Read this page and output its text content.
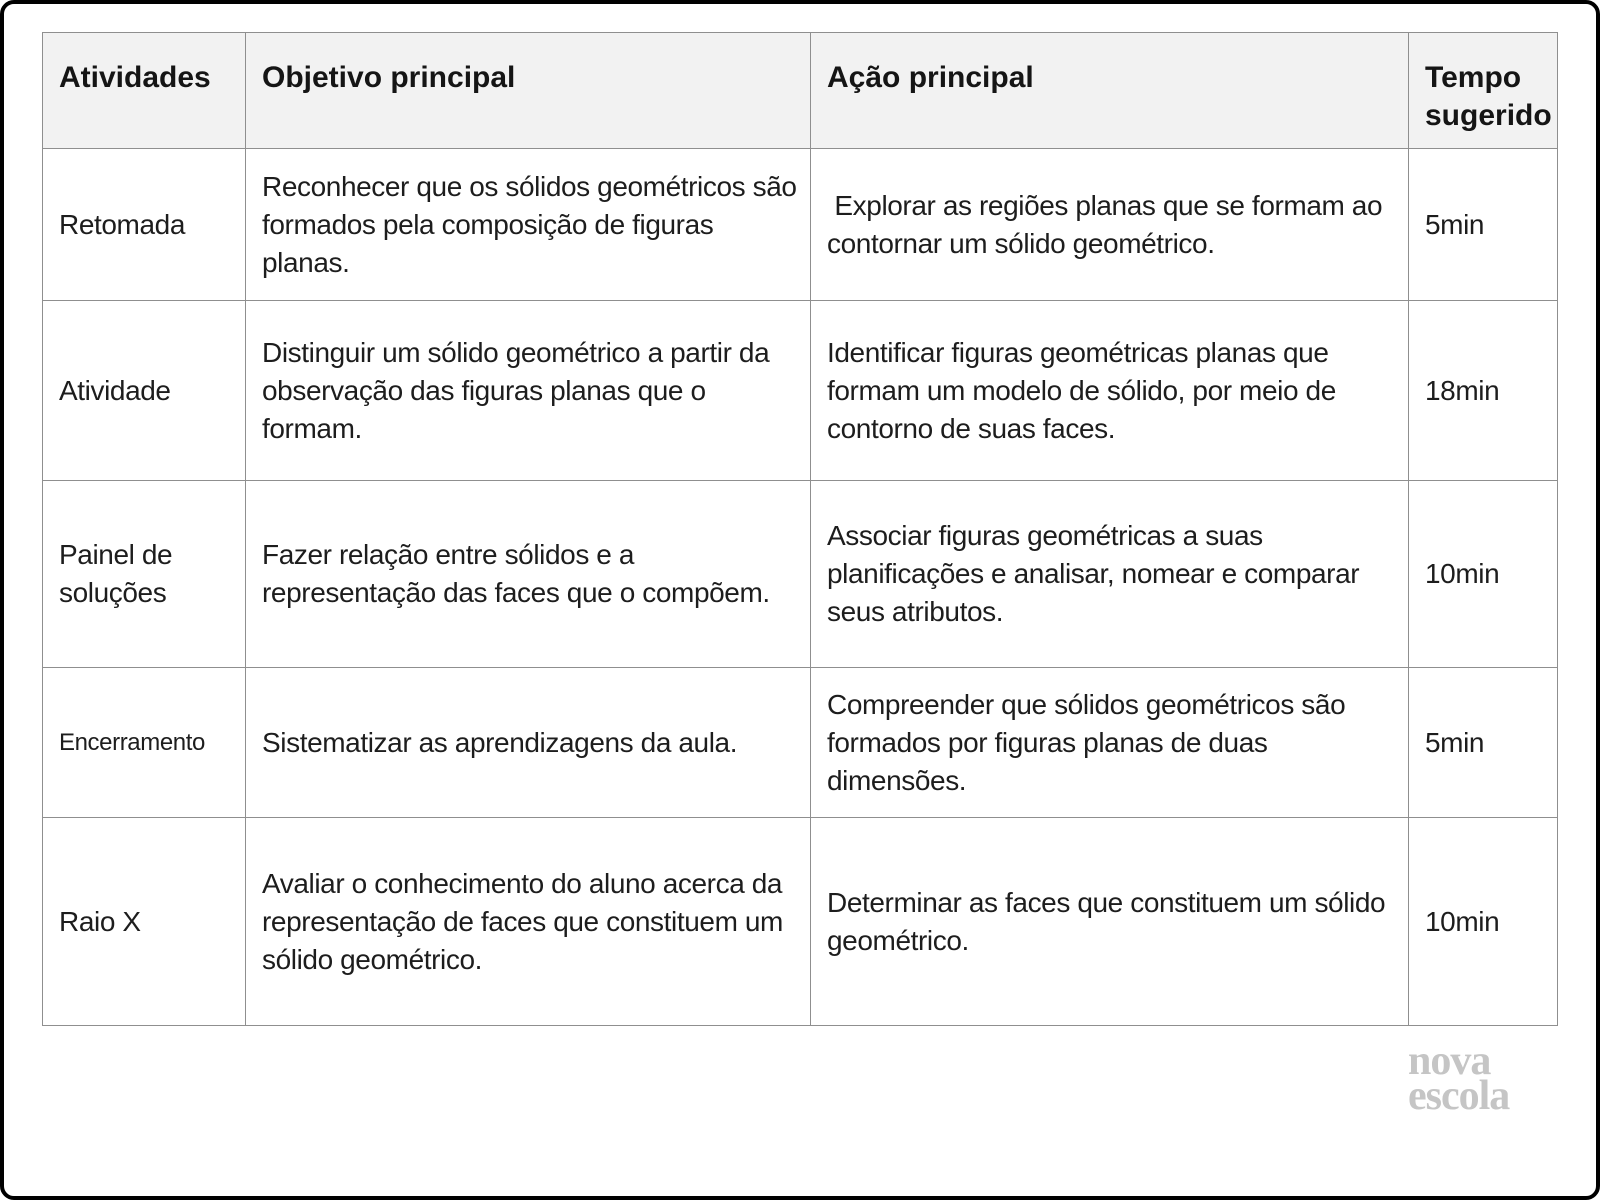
Atividades	Objetivo principal	Ação principal	Tempo sugerido
Retomada	Reconhecer que os sólidos geométricos são formados pela composição de figuras planas.	Explorar as regiões planas que se formam ao contornar um sólido geométrico.	5min
Atividade	Distinguir um sólido geométrico a partir da observação das figuras planas que o formam.	Identificar figuras geométricas planas que formam um modelo de sólido, por meio de contorno de suas faces.	18min
Painel de soluções	Fazer relação entre sólidos e a representação das faces que o compõem.	Associar figuras geométricas a suas planificações e analisar, nomear e comparar seus atributos.	10min
Encerramento	Sistematizar as aprendizagens da aula.	Compreender que sólidos geométricos são formados por figuras planas de duas dimensões.	5min
Raio X	Avaliar o conhecimento do aluno acerca da representação de faces que constituem um sólido geométrico.	Determinar as faces que constituem um sólido geométrico.	10min
nova
escola
